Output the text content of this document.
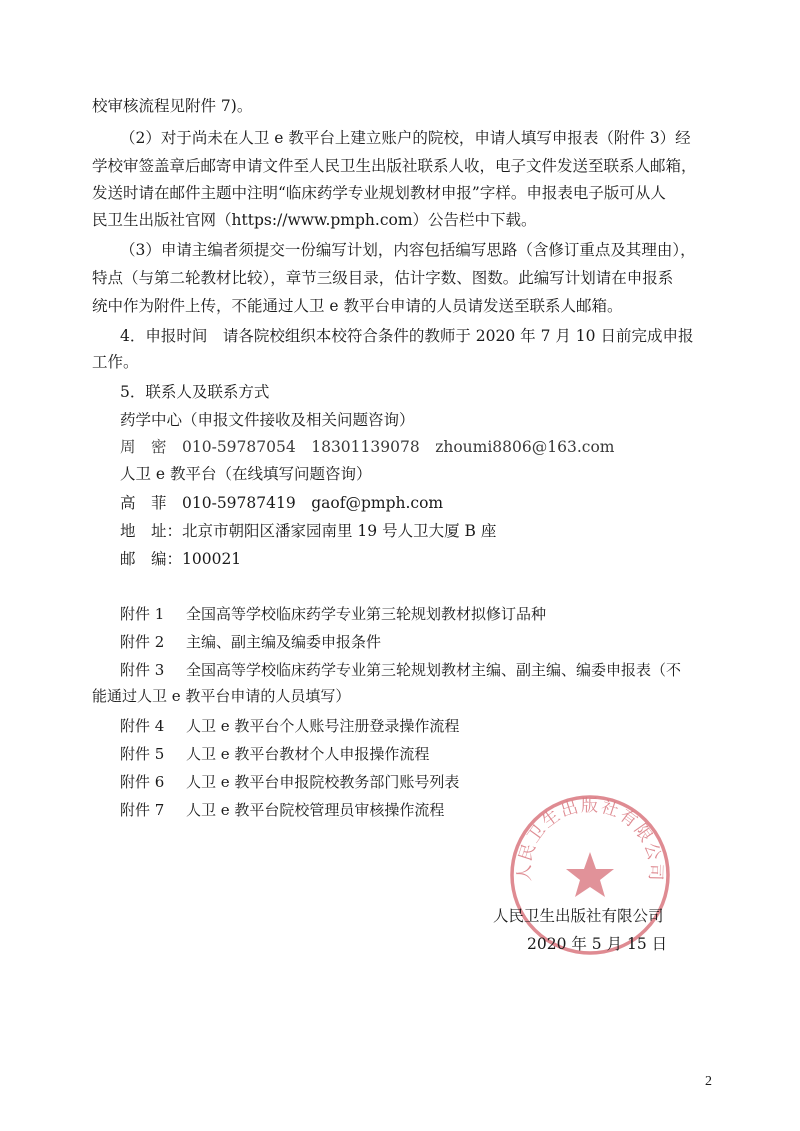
校审核流程见附件 7)。
（2）对于尚未在人卫 e 教平台上建立账户的院校，申请人填写申报表（附件 3）经
学校审签盖章后邮寄申请文件至人民卫生出版社联系人收，电子文件发送至联系人邮箱，
发送时请在邮件主题中注明“临床药学专业规划教材申报”字样。申报表电子版可从人
民卫生出版社官网（https://www.pmph.com）公告栏中下载。
（3）申请主编者须提交一份编写计划，内容包括编写思路（含修订重点及其理由），
特点（与第二轮教材比较），章节三级目录，估计字数、图数。此编写计划请在申报系
统中作为附件上传，不能通过人卫 e 教平台申请的人员请发送至联系人邮箱。
4．申报时间　请各院校组织本校符合条件的教师于 2020 年 7 月 10 日前完成申报
工作。
5．联系人及联系方式
药学中心（申报文件接收及相关问题咨询）
周　密　010-59787054　18301139078　zhoumi8806@163.com
人卫 e 教平台（在线填写问题咨询）
高　菲　010-59787419　gaof@pmph.com
地　址：北京市朝阳区潘家园南里 19 号人卫大厦 B 座
邮　编：100021
附件 1 全国高等学校临床药学专业第三轮规划教材拟修订品种
附件 2 主编、副主编及编委申报条件
附件 3 全国高等学校临床药学专业第三轮规划教材主编、副主编、编委申报表（不
能通过人卫 e 教平台申请的人员填写）
附件 4 人卫 e 教平台个人账号注册登录操作流程
附件 5 人卫 e 教平台教材个人申报操作流程
附件 6 人卫 e 教平台申报院校教务部门账号列表
附件 7 人卫 e 教平台院校管理员审核操作流程
人民卫生出版社有限公司
人民卫生出版社有限公司
2020 年 5 月 15 日
2
